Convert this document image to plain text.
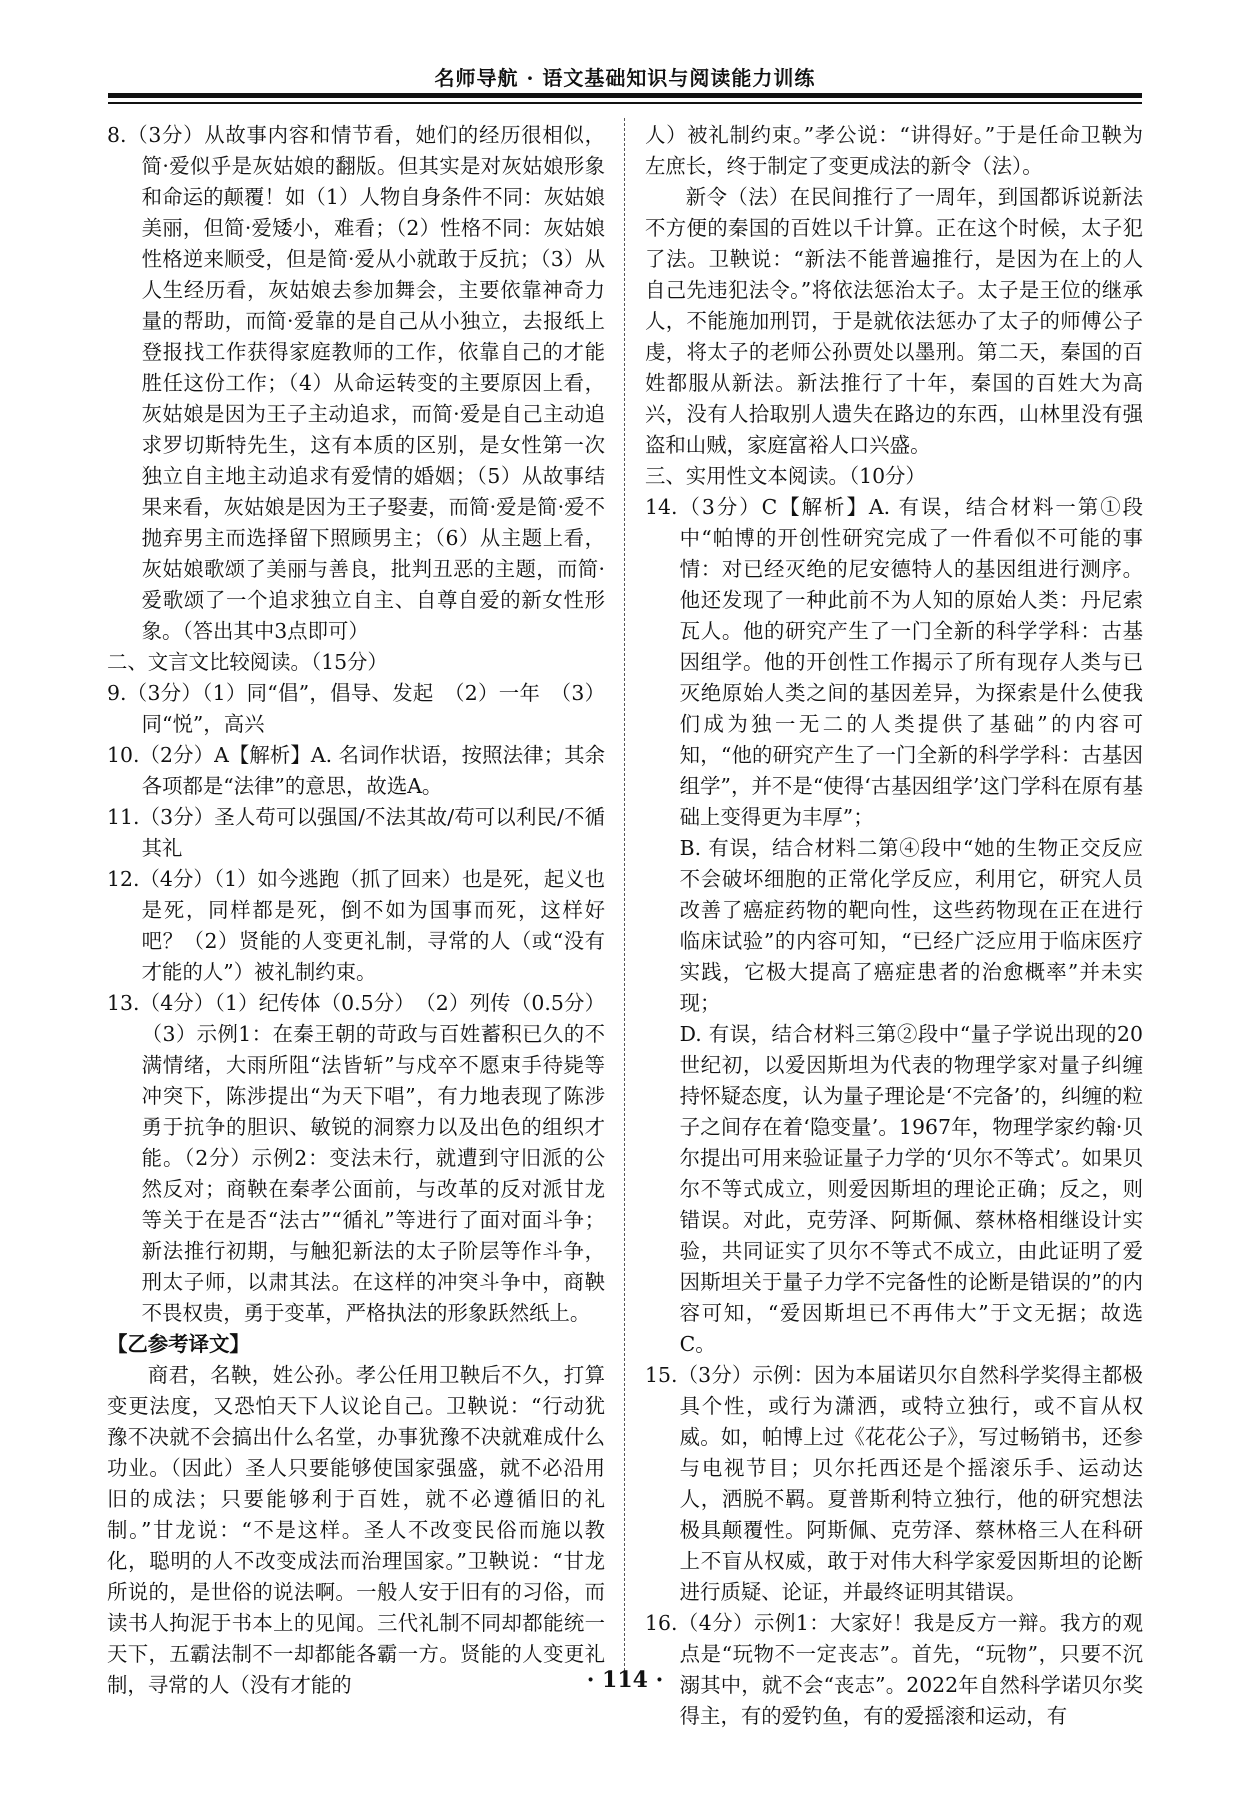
名师导航 · 语文基础知识与阅读能力训练

8.（3分）从故事内容和情节看，她们的经历很相似，简·爱似乎是灰姑娘的翻版。但其实是对灰姑娘形象和命运的颠覆！如（1）人物自身条件不同：灰姑娘美丽，但简·爱矮小，难看；（2）性格不同：灰姑娘性格逆来顺受，但是简·爱从小就敢于反抗；（3）从人生经历看，灰姑娘去参加舞会，主要依靠神奇力量的帮助，而简·爱靠的是自己从小独立，去报纸上登报找工作获得家庭教师的工作，依靠自己的才能胜任这份工作；（4）从命运转变的主要原因上看，灰姑娘是因为王子主动追求，而简·爱是自己主动追求罗切斯特先生，这有本质的区别，是女性第一次独立自主地主动追求有爱情的婚姻；（5）从故事结果来看，灰姑娘是因为王子娶妻，而简·爱是简·爱不抛弃男主而选择留下照顾男主；（6）从主题上看，灰姑娘歌颂了美丽与善良，批判丑恶的主题，而简·爱歌颂了一个追求独立自主、自尊自爱的新女性形象。（答出其中3点即可）

二、文言文比较阅读。（15分）

9.（3分）（1）同“倡”，倡导、发起　（2）一年　（3）同“悦”，高兴

10.（2分）A【解析】A. 名词作状语，按照法律；其余各项都是“法律”的意思，故选A。

11.（3分）圣人苟可以强国/不法其故/苟可以利民/不循其礼

12.（4分）（1）如今逃跑（抓了回来）也是死，起义也是死，同样都是死，倒不如为国事而死，这样好吧？（2）贤能的人变更礼制，寻常的人（或“没有才能的人”）被礼制约束。

13.（4分）（1）纪传体（0.5分）　（2）列传（0.5分）（3）示例1：在秦王朝的苛政与百姓蓄积已久的不满情绪，大雨所阻“法皆斩”与戍卒不愿束手待毙等冲突下，陈涉提出“为天下唱”，有力地表现了陈涉勇于抗争的胆识、敏锐的洞察力以及出色的组织才能。（2分）示例2：变法未行，就遭到守旧派的公然反对；商鞅在秦孝公面前，与改革的反对派甘龙等关于在是否“法古”“循礼”等进行了面对面斗争；新法推行初期，与触犯新法的太子阶层等作斗争，刑太子师，以肃其法。在这样的冲突斗争中，商鞅不畏权贵，勇于变革，严格执法的形象跃然纸上。

【乙参考译文】

商君，名鞅，姓公孙。孝公任用卫鞅后不久，打算变更法度，又恐怕天下人议论自己。卫鞅说：“行动犹豫不决就不会搞出什么名堂，办事犹豫不决就难成什么功业。（因此）圣人只要能够使国家强盛，就不必沿用旧的成法；只要能够利于百姓，就不必遵循旧的礼制。”甘龙说：“不是这样。圣人不改变民俗而施以教化，聪明的人不改变成法而治理国家。”卫鞅说：“甘龙所说的，是世俗的说法啊。一般人安于旧有的习俗，而读书人拘泥于书本上的见闻。三代礼制不同却都能统一天下，五霸法制不一却都能各霸一方。贤能的人变更礼制，寻常的人（没有才能的

人）被礼制约束。”孝公说：“讲得好。”于是任命卫鞅为左庶长，终于制定了变更成法的新令（法）。

新令（法）在民间推行了一周年，到国都诉说新法不方便的秦国的百姓以千计算。正在这个时候，太子犯了法。卫鞅说：“新法不能普遍推行，是因为在上的人自己先违犯法令。”将依法惩治太子。太子是王位的继承人，不能施加刑罚，于是就依法惩办了太子的师傅公子虔，将太子的老师公孙贾处以墨刑。第二天，秦国的百姓都服从新法。新法推行了十年，秦国的百姓大为高兴，没有人拾取别人遗失在路边的东西，山林里没有强盗和山贼，家庭富裕人口兴盛。

三、实用性文本阅读。（10分）

14.（3分）C【解析】A. 有误，结合材料一第①段中“帕博的开创性研究完成了一件看似不可能的事情：对已经灭绝的尼安德特人的基因组进行测序。他还发现了一种此前不为人知的原始人类：丹尼索瓦人。他的研究产生了一门全新的科学学科：古基因组学。他的开创性工作揭示了所有现存人类与已灭绝原始人类之间的基因差异，为探索是什么使我们成为独一无二的人类提供了基础”的内容可知，“他的研究产生了一门全新的科学学科：古基因组学”，并不是“使得‘古基因组学’这门学科在原有基础上变得更为丰厚”；

B. 有误，结合材料二第④段中“她的生物正交反应不会破坏细胞的正常化学反应，利用它，研究人员改善了癌症药物的靶向性，这些药物现在正在进行临床试验”的内容可知，“已经广泛应用于临床医疗实践，它极大提高了癌症患者的治愈概率”并未实现；

D. 有误，结合材料三第②段中“量子学说出现的20世纪初，以爱因斯坦为代表的物理学家对量子纠缠持怀疑态度，认为量子理论是‘不完备’的，纠缠的粒子之间存在着‘隐变量’。1967年，物理学家约翰·贝尔提出可用来验证量子力学的‘贝尔不等式’。如果贝尔不等式成立，则爱因斯坦的理论正确；反之，则错误。对此，克劳泽、阿斯佩、蔡林格相继设计实验，共同证实了贝尔不等式不成立，由此证明了爱因斯坦关于量子力学不完备性的论断是错误的”的内容可知，“爱因斯坦已不再伟大”于文无据；故选C。

15.（3分）示例：因为本届诺贝尔自然科学奖得主都极具个性，或行为潇洒，或特立独行，或不盲从权威。如，帕博上过《花花公子》，写过畅销书，还参与电视节目；贝尔托西还是个摇滚乐手、运动达人，洒脱不羁。夏普斯利特立独行，他的研究想法极具颠覆性。阿斯佩、克劳泽、蔡林格三人在科研上不盲从权威，敢于对伟大科学家爱因斯坦的论断进行质疑、论证，并最终证明其错误。

16.（4分）示例1：大家好！我是反方一辩。我方的观点是“玩物不一定丧志”。首先，“玩物”，只要不沉溺其中，就不会“丧志”。2022年自然科学诺贝尔奖得主，有的爱钓鱼，有的爱摇滚和运动，有

· 114 ·
